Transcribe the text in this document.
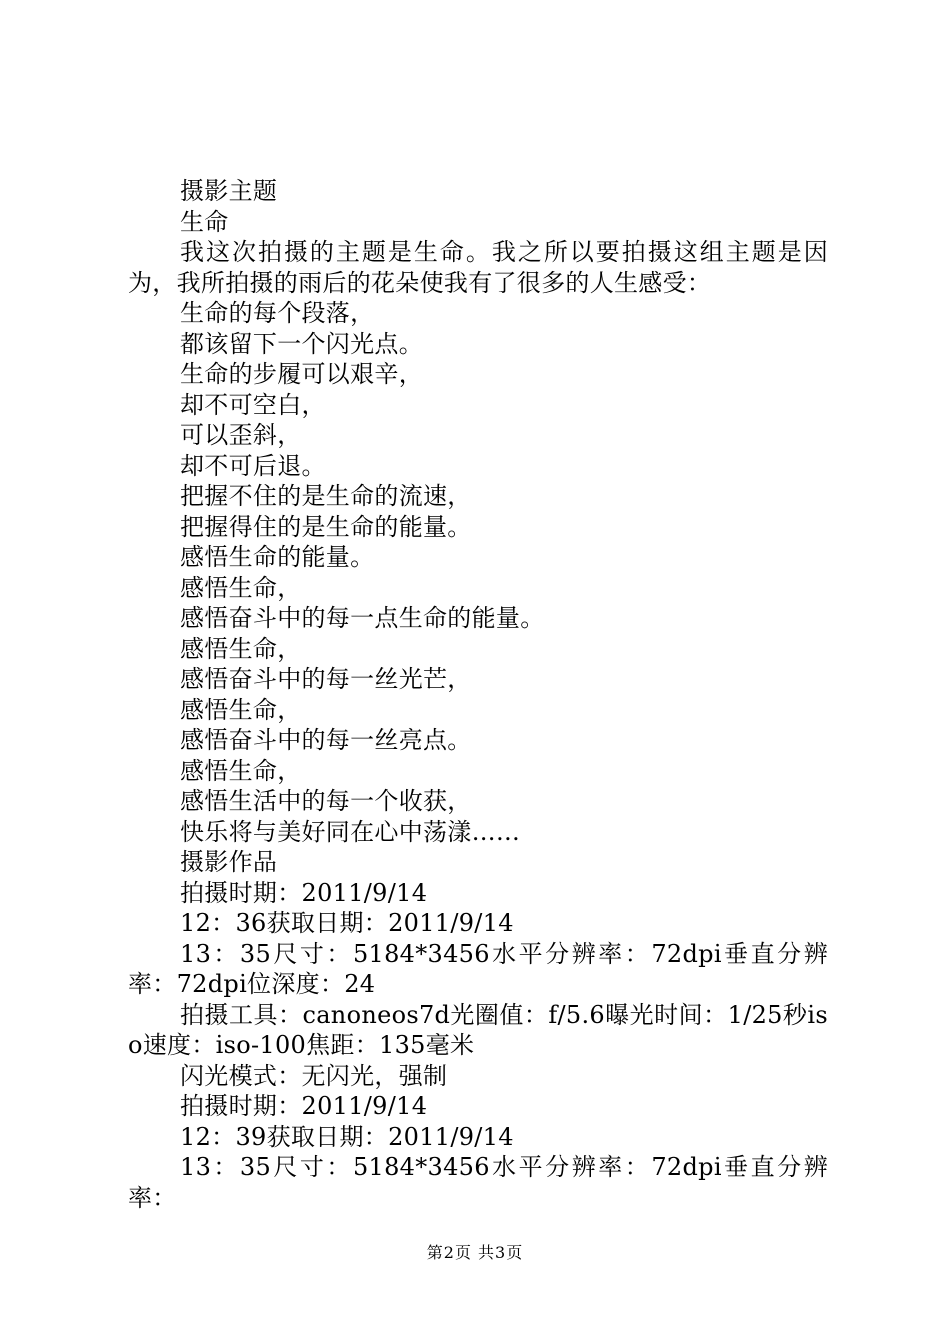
摄影主题

生命

我这次拍摄的主题是生命。我之所以要拍摄这组主题是因为，我所拍摄的雨后的花朵使我有了很多的人生感受：

生命的每个段落，

都该留下一个闪光点。

生命的步履可以艰辛，

却不可空白，

可以歪斜，

却不可后退。

把握不住的是生命的流速，

把握得住的是生命的能量。

感悟生命的能量。

感悟生命，

感悟奋斗中的每一点生命的能量。

感悟生命，

感悟奋斗中的每一丝光芒，

感悟生命，

感悟奋斗中的每一丝亮点。

感悟生命，

感悟生活中的每一个收获，

快乐将与美好同在心中荡漾……

摄影作品

拍摄时期：2011/9/14

12：36获取日期：2011/9/14

13：35尺寸：5184*3456水平分辨率：72dpi垂直分辨率：72dpi位深度：24

拍摄工具：canoneos7d光圈值：f/5.6曝光时间：1/25秒iso速度：iso-100焦距：135毫米

闪光模式：无闪光，强制

拍摄时期：2011/9/14

12：39获取日期：2011/9/14

13：35尺寸：5184*3456水平分辨率：72dpi垂直分辨率：

第2页 共3页
